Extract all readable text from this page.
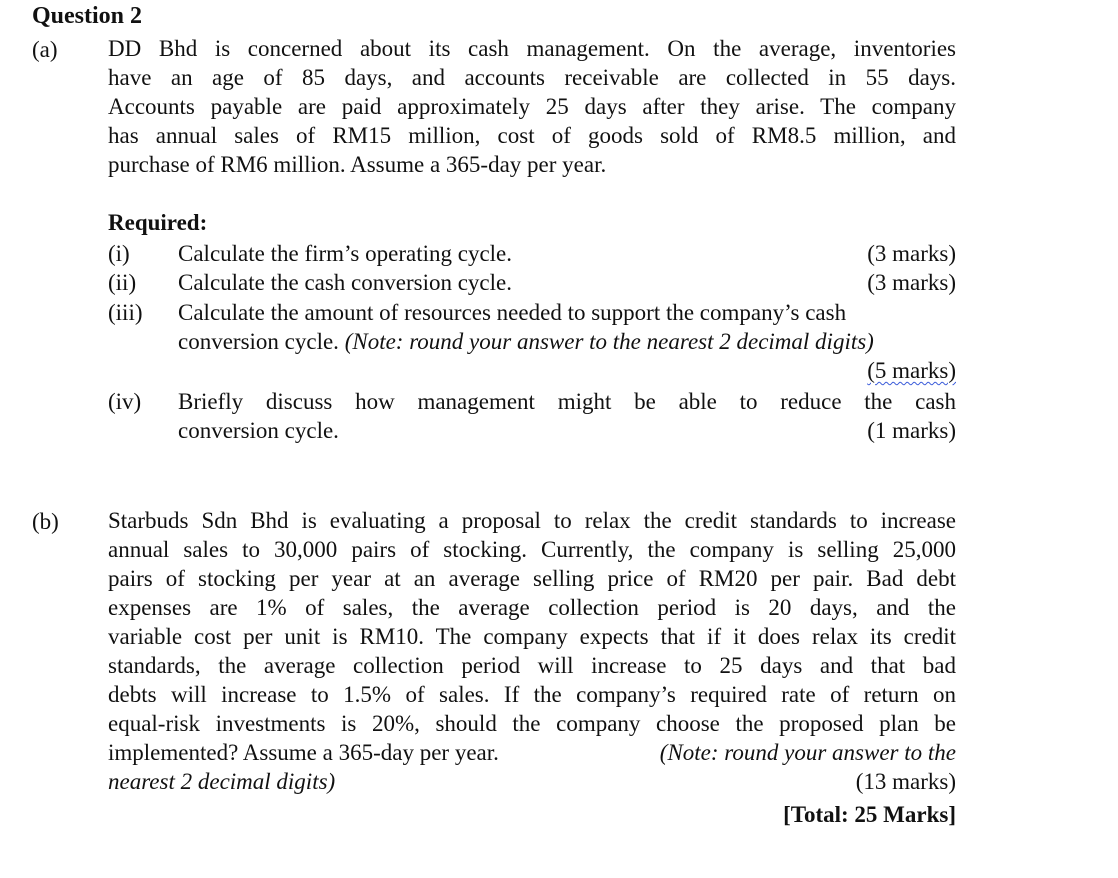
Question 2
(a) DD Bhd is concerned about its cash management. On the average, inventories
have an age of 85 days, and accounts receivable are collected in 55 days.
Accounts payable are paid approximately 25 days after they arise. The company
has annual sales of RM15 million, cost of goods sold of RM8.5 million, and
purchase of RM6 million. Assume a 365-day per year.
Required:
(i) Calculate the firm’s operating cycle.	(3 marks)
(ii) Calculate the cash conversion cycle.	(3 marks)
(iii) Calculate the amount of resources needed to support the company’s cash
conversion cycle. (Note: round your answer to the nearest 2 decimal digits)
(5 marks)
(iv) Briefly discuss how management might be able to reduce the cash
conversion cycle.	(1 marks)
(b) Starbuds Sdn Bhd is evaluating a proposal to relax the credit standards to increase
annual sales to 30,000 pairs of stocking. Currently, the company is selling 25,000
pairs of stocking per year at an average selling price of RM20 per pair. Bad debt
expenses are 1% of sales, the average collection period is 20 days, and the
variable cost per unit is RM10. The company expects that if it does relax its credit
standards, the average collection period will increase to 25 days and that bad
debts will increase to 1.5% of sales. If the company’s required rate of return on
equal-risk investments is 20%, should the company choose the proposed plan be
implemented? Assume a 365-day per year.	(Note: round your answer to the
nearest 2 decimal digits)	(13 marks)
[Total: 25 Marks]
